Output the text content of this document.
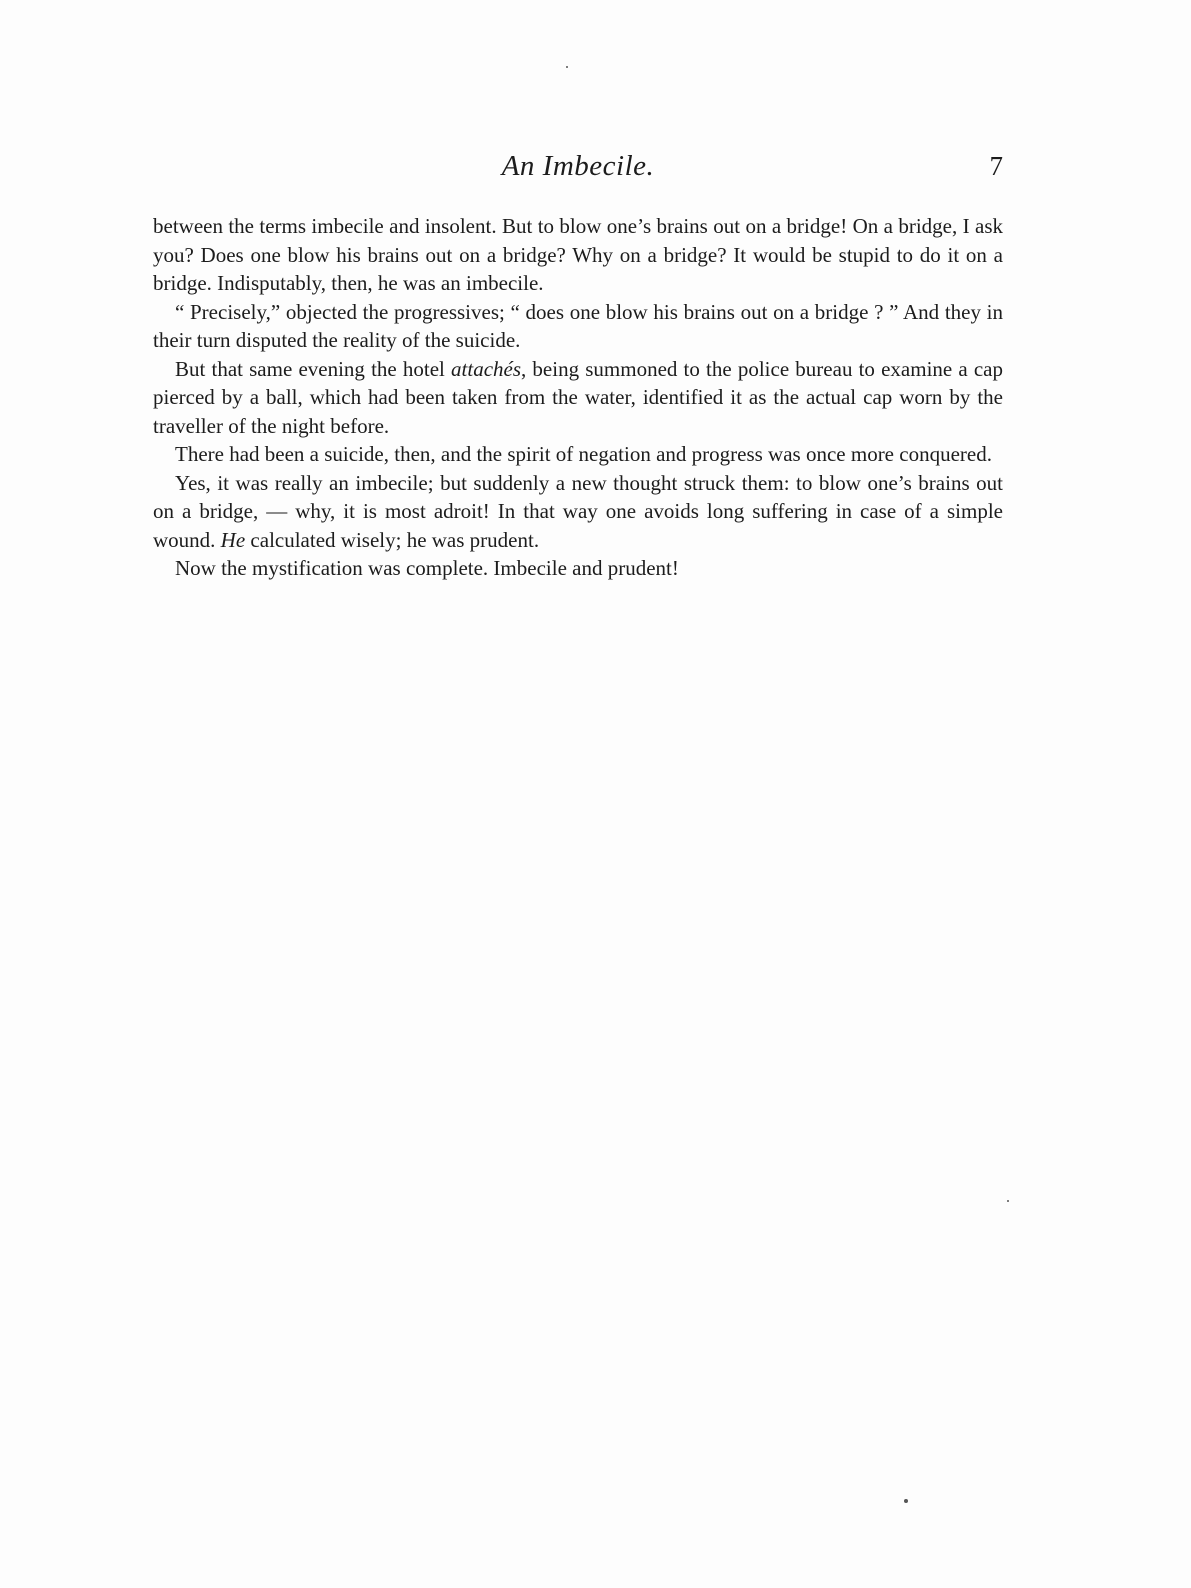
An Imbecile.	7

between the terms imbecile and insolent. But to blow one’s brains out on a bridge! On a bridge, I ask you? Does one blow his brains out on a bridge? Why on a bridge? It would be stupid to do it on a bridge. Indisputably, then, he was an imbecile.

“ Precisely,” objected the progressives; “ does one blow his brains out on a bridge ? ” And they in their turn disputed the reality of the suicide.

But that same evening the hotel attachés, being summoned to the police bureau to examine a cap pierced by a ball, which had been taken from the water, identified it as the actual cap worn by the traveller of the night before.

There had been a suicide, then, and the spirit of negation and progress was once more conquered.

Yes, it was really an imbecile; but suddenly a new thought struck them: to blow one’s brains out on a bridge, — why, it is most adroit! In that way one avoids long suffering in case of a simple wound. He calculated wisely; he was prudent.

Now the mystification was complete. Imbecile and prudent!
